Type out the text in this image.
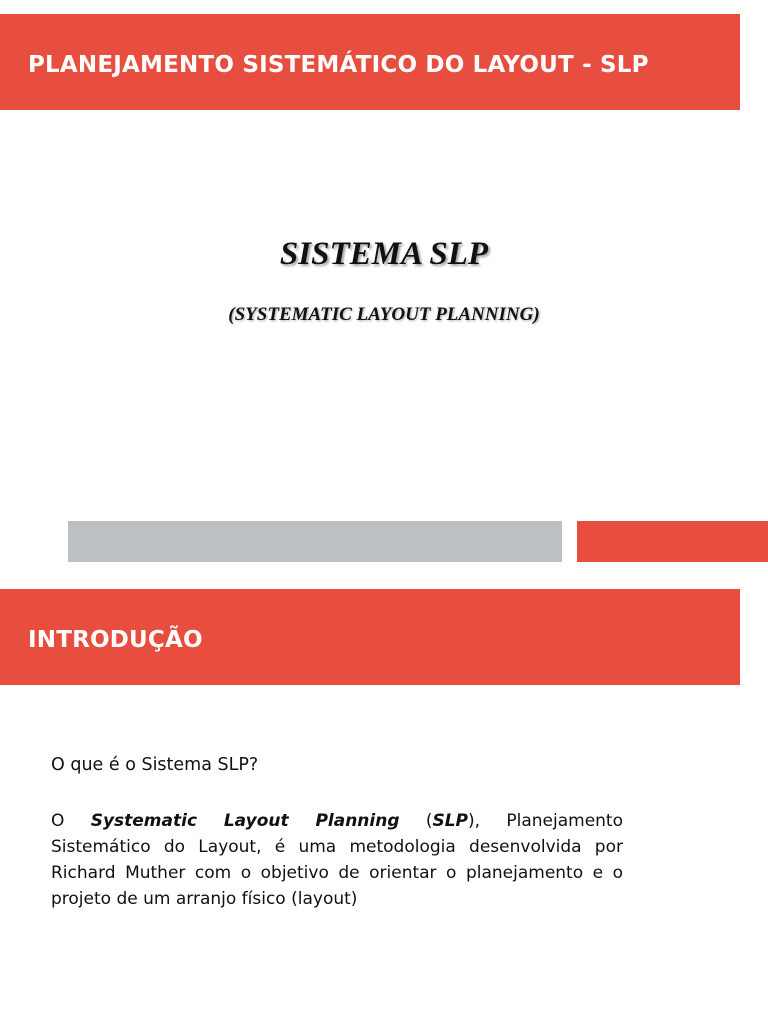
PLANEJAMENTO SISTEMÁTICO DO LAYOUT - SLP
SISTEMA SLP
(SYSTEMATIC LAYOUT PLANNING)
INTRODUÇÃO
O que é o Sistema SLP?
O Systematic Layout Planning (SLP), Planejamento Sistemático do Layout, é uma metodologia desenvolvida por Richard Muther com o objetivo de orientar o planejamento e o projeto de um arranjo físico (layout)
